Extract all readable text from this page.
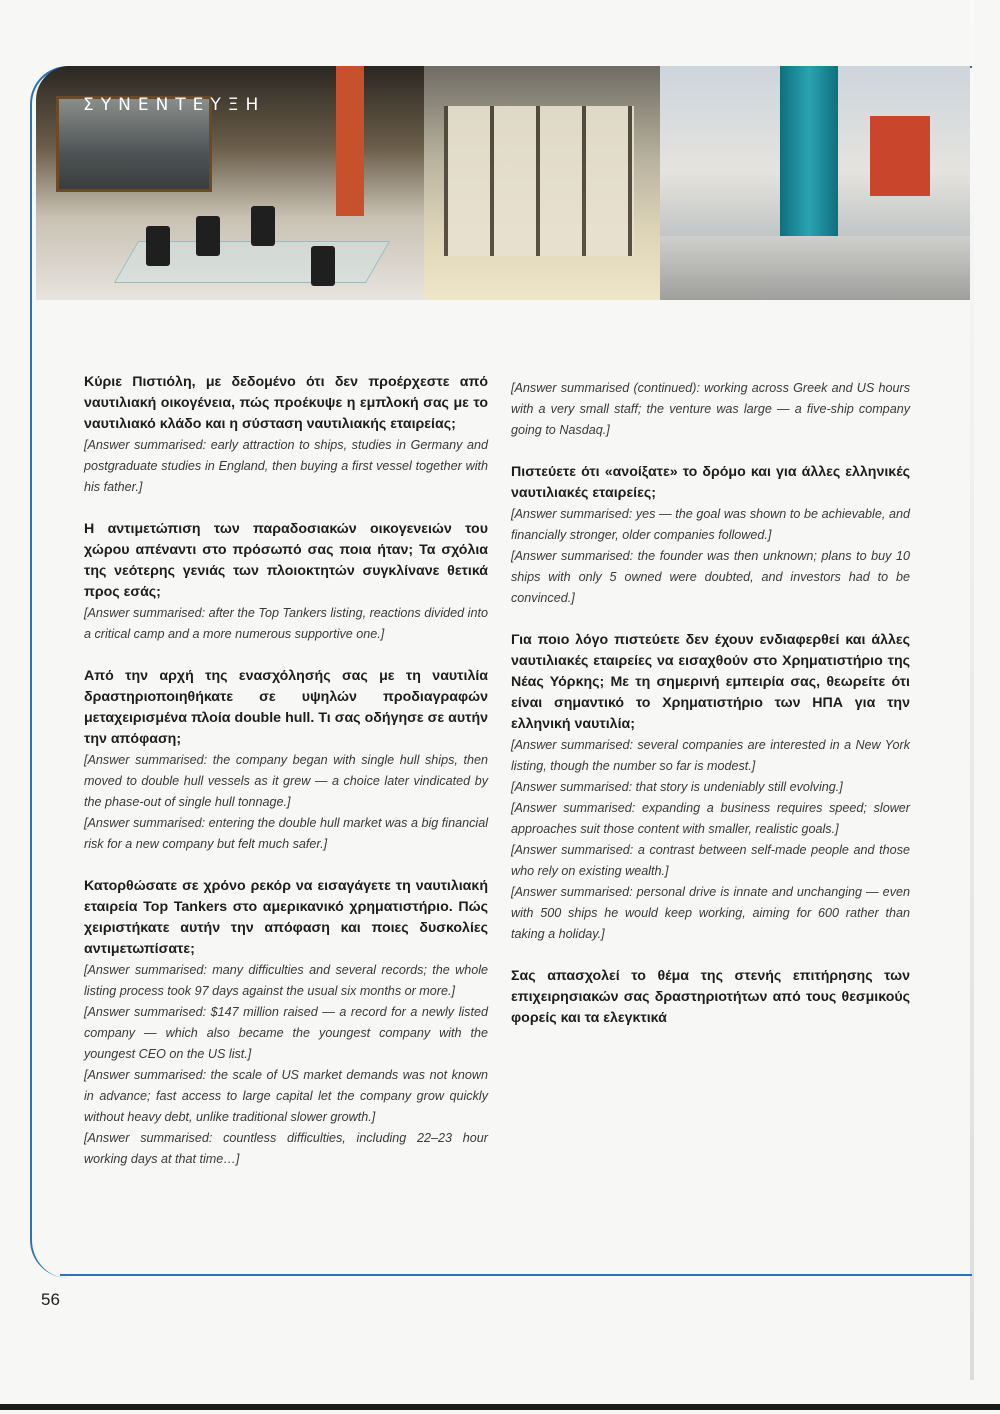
ΣΥΝΕΝΤΕΥΞΗ

Κύριε Πιστιόλη, με δεδομένο ότι δεν προέρχεστε από ναυτιλιακή οικογένεια, πώς προέκυψε η εμπλοκή σας με το ναυτιλιακό κλάδο και η σύσταση ναυτιλιακής εταιρείας;

[Answer summarised: early attraction to ships, studies in Germany and postgraduate studies in England, then buying a first vessel together with his father.]

Η αντιμετώπιση των παραδοσιακών οικογενειών του χώρου απέναντι στο πρόσωπό σας ποια ήταν; Τα σχόλια της νεότερης γενιάς των πλοιοκτητών συγκλίνανε θετικά προς εσάς;

[Answer summarised: after the Top Tankers listing, reactions divided into a critical camp and a more numerous supportive one.]

Από την αρχή της ενασχόλησής σας με τη ναυτιλία δραστηριοποιηθήκατε σε υψηλών προδιαγραφών μεταχειρισμένα πλοία double hull. Τι σας οδήγησε σε αυτήν την απόφαση;

[Answer summarised: the company began with single hull ships, then moved to double hull vessels as it grew — a choice later vindicated by the phase-out of single hull tonnage.]

[Answer summarised: entering the double hull market was a big financial risk for a new company but felt much safer.]

Κατορθώσατε σε χρόνο ρεκόρ να εισαγάγετε τη ναυτιλιακή εταιρεία Top Tankers στο αμερικανικό χρηματιστήριο. Πώς χειριστήκατε αυτήν την απόφαση και ποιες δυσκολίες αντιμετωπίσατε;

[Answer summarised: many difficulties and several records; the whole listing process took 97 days against the usual six months or more.]

[Answer summarised: $147 million raised — a record for a newly listed company — which also became the youngest company with the youngest CEO on the US list.]

[Answer summarised: the scale of US market demands was not known in advance; fast access to large capital let the company grow quickly without heavy debt, unlike traditional slower growth.]

[Answer summarised: countless difficulties, including 22–23 hour working days at that time…]

[Answer summarised (continued): working across Greek and US hours with a very small staff; the venture was large — a five-ship company going to Nasdaq.]

Πιστεύετε ότι «ανοίξατε» το δρόμο και για άλλες ελληνικές ναυτιλιακές εταιρείες;

[Answer summarised: yes — the goal was shown to be achievable, and financially stronger, older companies followed.]

[Answer summarised: the founder was then unknown; plans to buy 10 ships with only 5 owned were doubted, and investors had to be convinced.]

Για ποιο λόγο πιστεύετε δεν έχουν ενδιαφερθεί και άλλες ναυτιλιακές εταιρείες να εισαχθούν στο Χρηματιστήριο της Νέας Υόρκης; Με τη σημερινή εμπειρία σας, θεωρείτε ότι είναι σημαντικό το Χρηματιστήριο των ΗΠΑ για την ελληνική ναυτιλία;

[Answer summarised: several companies are interested in a New York listing, though the number so far is modest.]

[Answer summarised: that story is undeniably still evolving.]

[Answer summarised: expanding a business requires speed; slower approaches suit those content with smaller, realistic goals.]

[Answer summarised: a contrast between self-made people and those who rely on existing wealth.]

[Answer summarised: personal drive is innate and unchanging — even with 500 ships he would keep working, aiming for 600 rather than taking a holiday.]

Σας απασχολεί το θέμα της στενής επιτήρησης των επιχειρησιακών σας δραστηριοτήτων από τους θεσμικούς φορείς και τα ελεγκτικά

56
